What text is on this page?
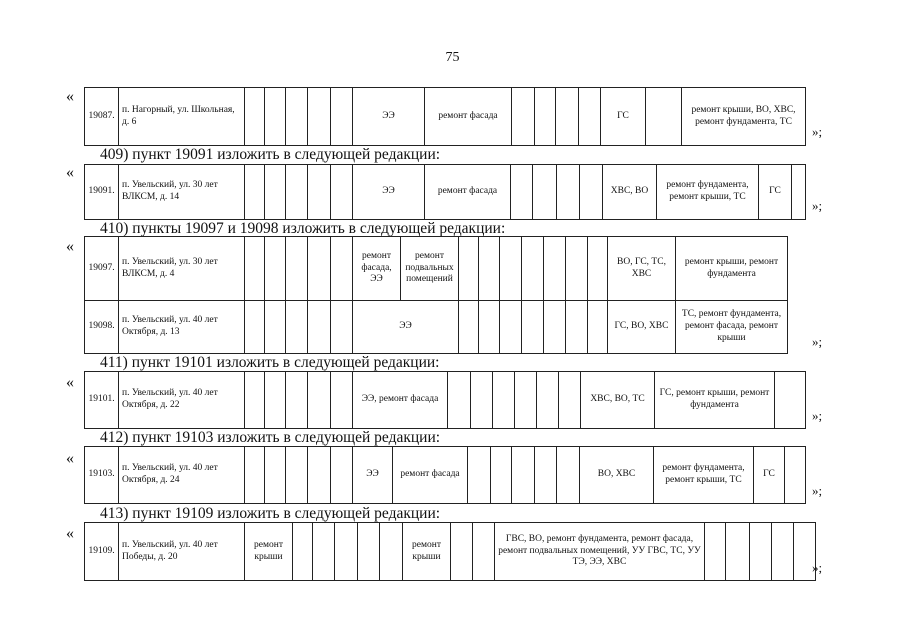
75
«
19087.	п. Нагорный, ул. Школьная, д. 6						ЭЭ	ремонт фасада					ГС		ремонт крыши, ВО, ХВС, ремонт фундамента, ТС
»;
409) пункт 19091 изложить в следующей редакции:
«
19091.	п. Увельский, ул. 30 лет ВЛКСМ, д. 14						ЭЭ	ремонт фасада					ХВС, ВО	ремонт фундамента, ремонт крыши, ТС	ГС	
»;
410) пункты 19097 и 19098 изложить в следующей редакции:
«
19097.	п. Увельский, ул. 30 лет ВЛКСМ, д. 4						ремонт фасада, ЭЭ	ремонт подвальных помещений								ВО, ГС, ТС, ХВС	ремонт крыши, ремонт фундамента
19098.	п. Увельский, ул. 40 лет Октября, д. 13						ЭЭ									ГС, ВО, ХВС	ТС, ремонт фундамента, ремонт фасада, ремонт крыши	»;
411) пункт 19101 изложить в следующей редакции:
«
19101.	п. Увельский, ул. 40 лет Октября, д. 22						ЭЭ, ремонт фасада							ХВС, ВО, ТС	ГС, ремонт крыши, ремонт фундамента	
»;
412) пункт 19103 изложить в следующей редакции:
«
19103.	п. Увельский, ул. 40 лет Октября, д. 24						ЭЭ	ремонт фасада						ВО, ХВС	ремонт фундамента, ремонт крыши, ТС	ГС	
»;
413) пункт 19109 изложить в следующей редакции:
«
19109.	п. Увельский, ул. 40 лет Победы, д. 20	ремонт крыши						ремонт крыши			ГВС, ВО, ремонт фундамента, ремонт фасада, ремонт подвальных помещений, УУ ГВС, ТС, УУ ТЭ, ЭЭ, ХВС						»;
